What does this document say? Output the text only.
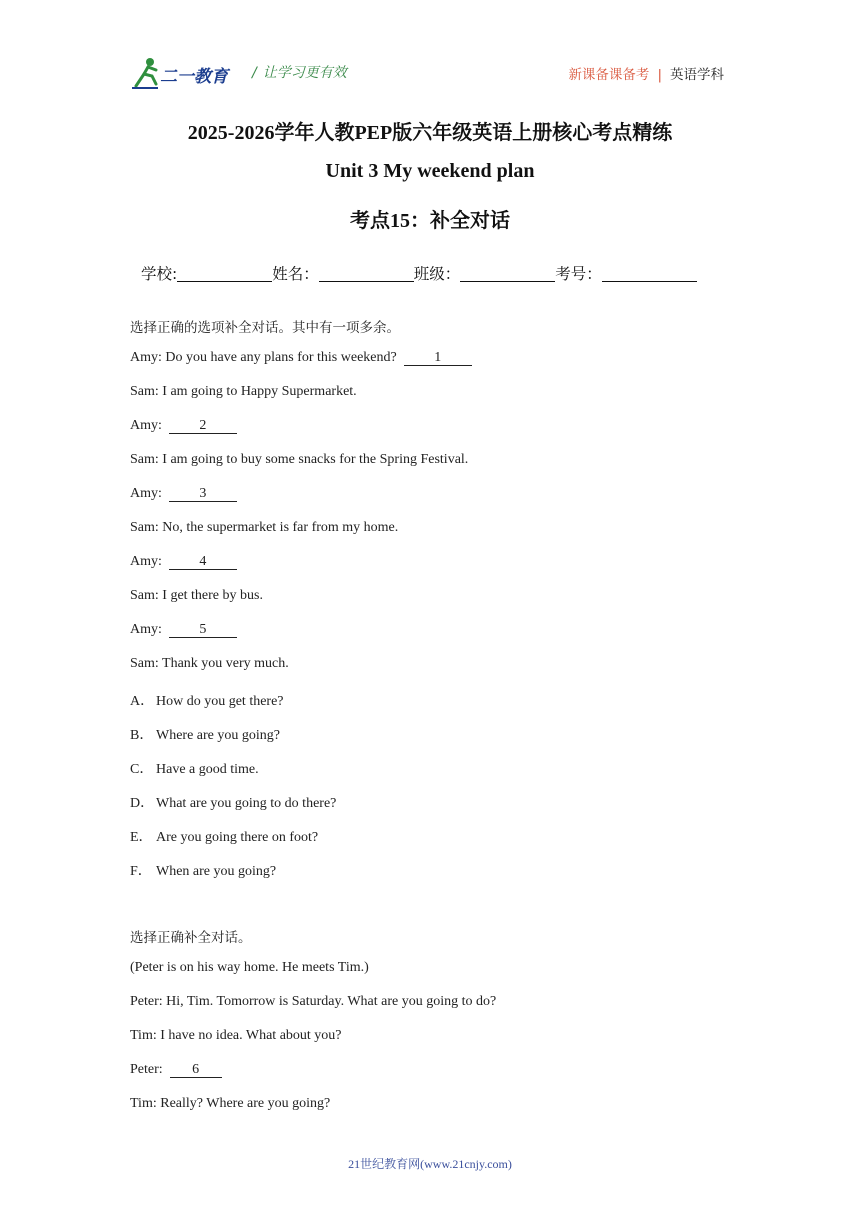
二一教育 / 让学习更有效	新课备课备考 | 英语学科
2025-2026学年人教PEP版六年级英语上册核心考点精练
Unit 3 My weekend plan
考点15：补全对话
学校:	姓名：	班级：	考号：
选择正确的选项补全对话。其中有一项多余。
Amy: Do you have any plans for this weekend?	1
Sam: I am going to Happy Supermarket.
Amy:	2
Sam: I am going to buy some snacks for the Spring Festival.
Amy:	3
Sam: No, the supermarket is far from my home.
Amy:	4
Sam: I get there by bus.
Amy:	5
Sam: Thank you very much.
A． How do you get there?
B． Where are you going?
C． Have a good time.
D． What are you going to do there?
E． Are you going there on foot?
F． When are you going?
选择正确补全对话。
(Peter is on his way home. He meets Tim.)
Peter: Hi, Tim. Tomorrow is Saturday. What are you going to do?
Tim: I have no idea. What about you?
Peter: 6
Tim: Really? Where are you going?
21世纪教育网(www.21cnjy.com)
